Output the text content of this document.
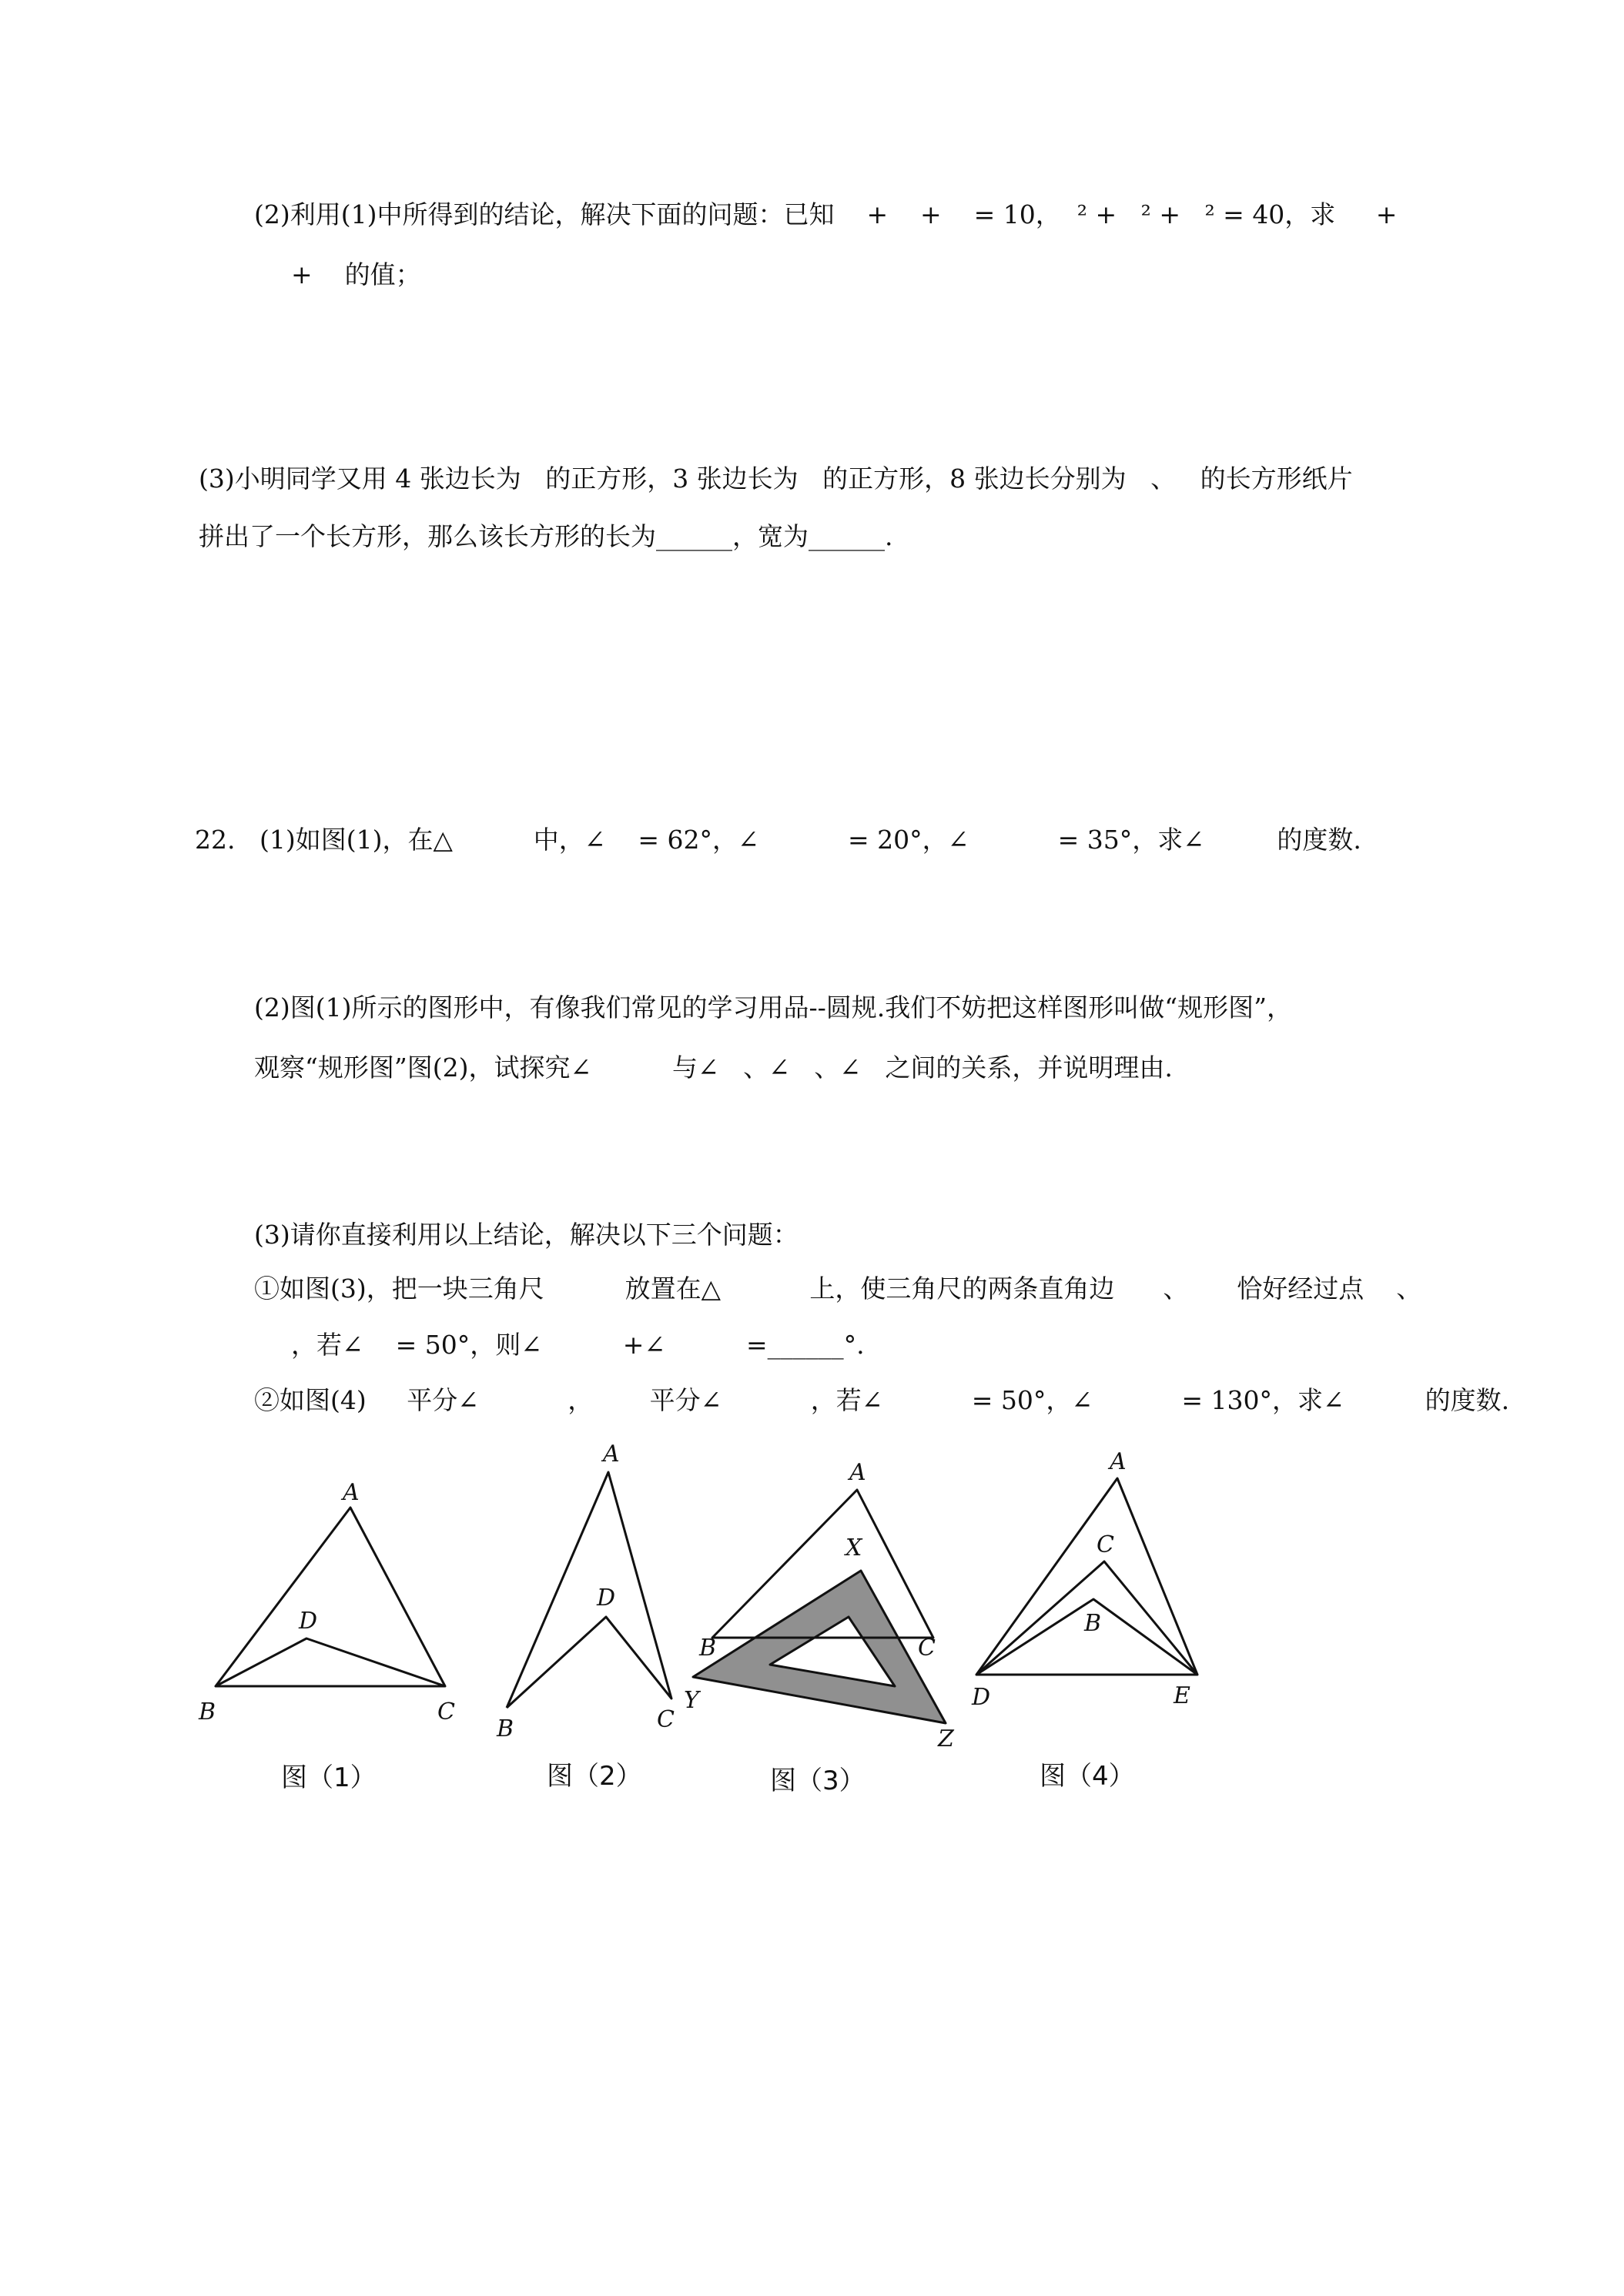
(2)利用(1)中所得到的结论，解决下面的问题：已知    +    +    = 10，  ² +   ² +   ² = 40，求     +
+    的值；
(3)小明同学又用 4 张边长为   的正方形，3 张边长为   的正方形，8 张边长分别为   、   的长方形纸片
拼出了一个长方形，那么该长方形的长为______，宽为______.
22.   (1)如图(1)，在△          中，∠    = 62°，∠           = 20°，∠           = 35°，求∠         的度数.
(2)图(1)所示的图形中，有像我们常见的学习用品--圆规.我们不妨把这样图形叫做“规形图”，
观察“规形图”图(2)，试探究∠          与∠   、∠   、∠   之间的关系，并说明理由.
(3)请你直接利用以上结论，解决以下三个问题：
①如图(3)，把一块三角尺          放置在△           上，使三角尺的两条直角边      、      恰好经过点    、
，若∠    = 50°，则∠          +∠          =______°.
②如图(4)     平分∠           ，       平分∠           ，若∠           = 50°，∠           = 130°，求∠          的度数.
A
B	C
D
图（1）
A
B	C
D
图（2）
A
B	C
X
Y
Z
图（3）
A
B
C
D	E
图（4）
